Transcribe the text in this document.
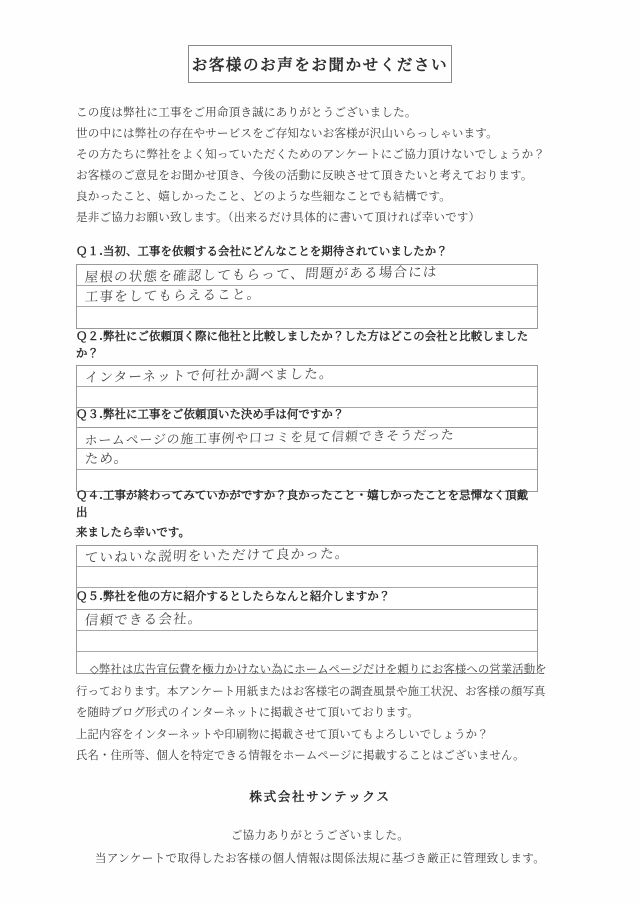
お客様のお声をお聞かせください

この度は弊社に工事をご用命頂き誠にありがとうございました。

世の中には弊社の存在やサービスをご存知ないお客様が沢山いらっしゃいます。

その方たちに弊社をよく知っていただくためのアンケートにご協力頂けないでしょうか？

お客様のご意見をお聞かせ頂き、今後の活動に反映させて頂きたいと考えております。

良かったこと、嬉しかったこと、どのような些細なことでも結構です。

是非ご協力お願い致します。（出来るだけ具体的に書いて頂ければ幸いです）

Ｑ１.当初、工事を依頼する会社にどんなことを期待されていましたか？

屋根の状態を確認してもらって、問題がある場合には
工事をしてもらえること。

Ｑ２.弊社にご依頼頂く際に他社と比較しましたか？した方はどこの会社と比較しましたか？

インターネットで何社か調べました。

Ｑ３.弊社に工事をご依頼頂いた決め手は何ですか？

ホームページの施工事例や口コミを見て信頼できそうだった
ため。

Ｑ４.工事が終わってみていかがですか？良かったこと・嬉しかったことを忌憚なく頂戴出

来ましたら幸いです。

ていねいな説明をいただけて良かった。

Ｑ５.弊社を他の方に紹介するとしたらなんと紹介しますか？

信頼できる会社。

◇弊社は広告宣伝費を極力かけない為にホームページだけを頼りにお客様への営業活動を

行っております。本アンケート用紙またはお客様宅の調査風景や施工状況、お客様の顔写真

を随時ブログ形式のインターネットに掲載させて頂いております。

上記内容をインターネットや印刷物に掲載させて頂いてもよろしいでしょうか？

氏名・住所等、個人を特定できる情報をホームページに掲載することはございません。

株式会社サンテックス

ご協力ありがとうございました。

当アンケートで取得したお客様の個人情報は関係法規に基づき厳正に管理致します。
